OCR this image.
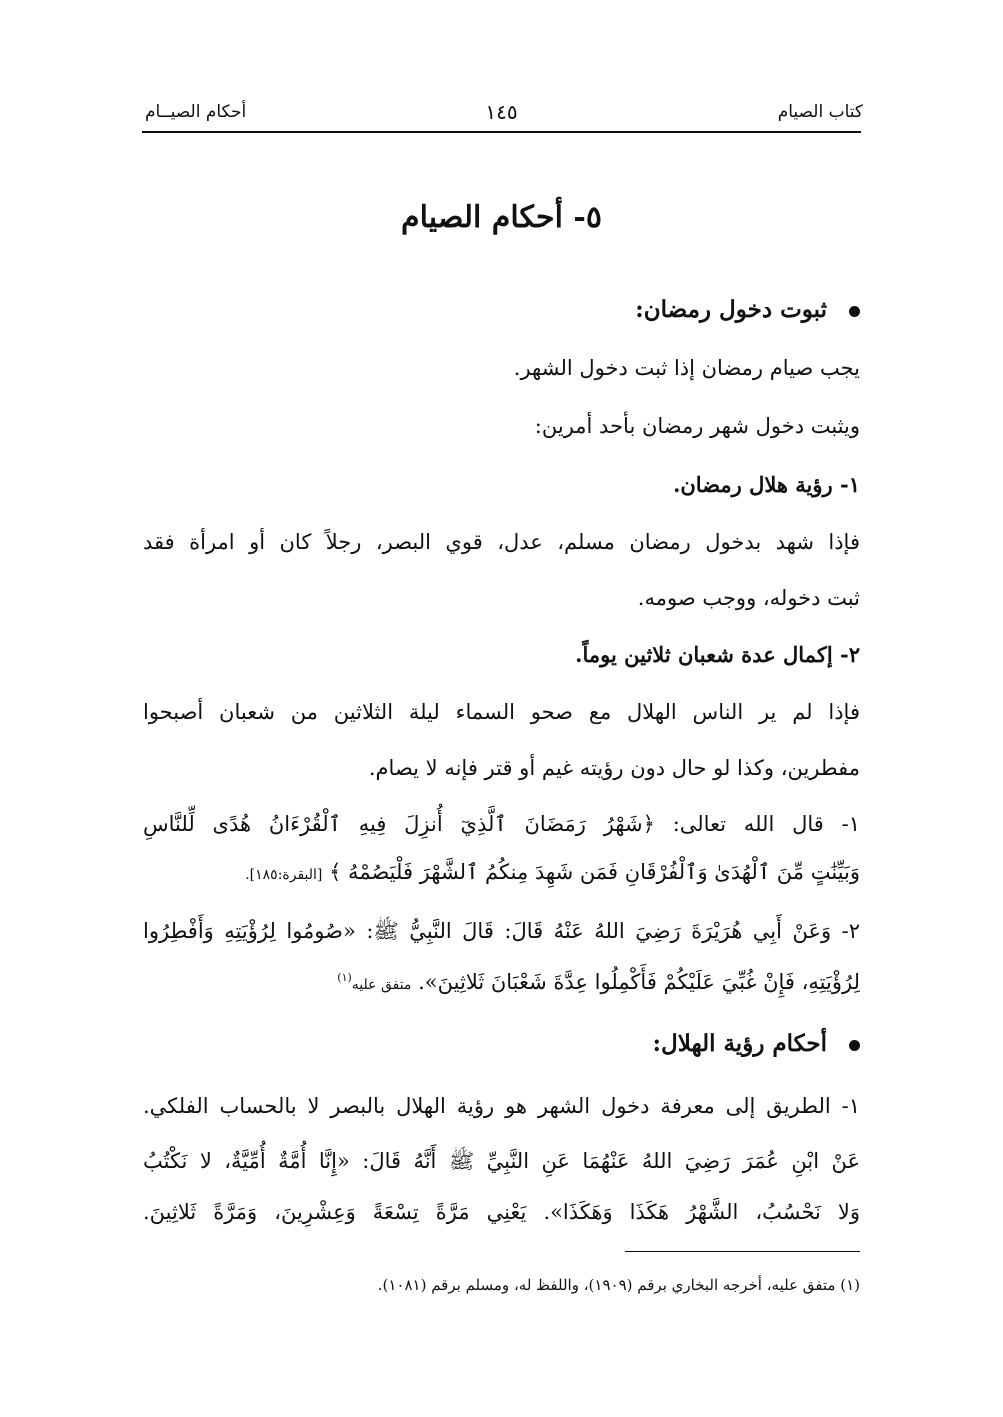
كتاب الصيام
١٤٥
أحكام الصيــام
٥- أحكام الصيام
ثبوت دخول رمضان:
يجب صيام رمضان إذا ثبت دخول الشهر.
ويثبت دخول شهر رمضان بأحد أمرين:
١- رؤية هلال رمضان.
فإذا شهد بدخول رمضان مسلم، عدل، قوي البصر، رجلاً كان أو امرأة فقد
ثبت دخوله، ووجب صومه.
٢- إكمال عدة شعبان ثلاثين يوماً.
فإذا لم ير الناس الهلال مع صحو السماء ليلة الثلاثين من شعبان أصبحوا
مفطرين، وكذا لو حال دون رؤيته غيم أو قتر فإنه لا يصام.
١- قال الله تعالى: ﴿شَهْرُ رَمَضَانَ ٱلَّذِيٓ أُنزِلَ فِيهِ ٱلْقُرْءَانُ هُدًى لِّلنَّاسِ
وَبَيِّنَٰتٍ مِّنَ ٱلْهُدَىٰ وَٱلْفُرْقَانِ فَمَن شَهِدَ مِنكُمُ ٱلشَّهْرَ فَلْيَصُمْهُ ﴾ [البقرة:١٨٥].
٢- وَعَنْ أَبِي هُرَيْرَةَ رَضِيَ اللهُ عَنْهُ قَالَ: قَالَ النَّبِيُّ ﷺ: «صُومُوا لِرُؤْيَتِهِ وَأَفْطِرُوا
لِرُؤْيَتِهِ، فَإِنْ غُبِّيَ عَلَيْكُمْ فَأَكْمِلُوا عِدَّةَ شَعْبَانَ ثَلاثِينَ». متفق عليه$^{(١)}$
أحكام رؤية الهلال:
١- الطريق إلى معرفة دخول الشهر هو رؤية الهلال بالبصر لا بالحساب الفلكي.
عَنْ ابْنِ عُمَرَ رَضِيَ اللهُ عَنْهُمَا عَنِ النَّبِيِّ ﷺ أَنَّهُ قَالَ: «إِنَّا أُمَّةٌ أُمِّيَّةٌ، لا نَكْتُبُ
وَلا نَحْسُبُ، الشَّهْرُ هَكَذَا وَهَكَذَا». يَعْنِي مَرَّةً تِسْعَةً وَعِشْرِينَ، وَمَرَّةً ثَلاثِينَ.
(١) متفق عليه، أخرجه البخاري برقم (١٩٠٩)، واللفظ له، ومسلم برقم (١٠٨١).
